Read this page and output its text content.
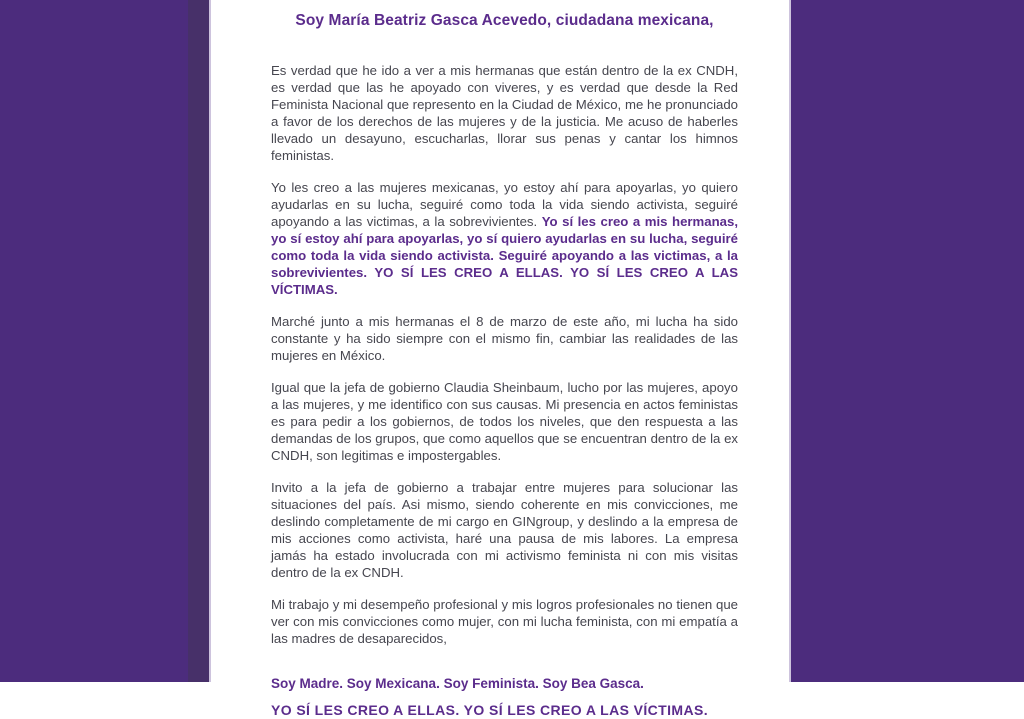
Soy María Beatriz Gasca Acevedo, ciudadana mexicana,

Es verdad que he ido a ver a mis hermanas que están dentro de la ex CNDH, es verdad que las he apoyado con viveres, y es verdad que desde la Red Feminista Nacional que represento en la Ciudad de México, me he pronunciado a favor de los derechos de las mujeres y de la justicia. Me acuso de haberles llevado un desayuno, escucharlas, llorar sus penas y cantar los himnos feministas.

Yo les creo a las mujeres mexicanas, yo estoy ahí para apoyarlas, yo quiero ayudarlas en su lucha, seguiré como toda la vida siendo activista, seguiré apoyando a las victimas, a la sobrevivientes. Yo sí les creo a mis hermanas, yo sí estoy ahí para apoyarlas, yo sí quiero ayudarlas en su lucha, seguiré como toda la vida siendo activista. Seguiré apoyando a las victimas, a la sobrevivientes. YO SÍ LES CREO A ELLAS. YO SÍ LES CREO A LAS VÍCTIMAS.

Marché junto a mis hermanas el 8 de marzo de este año, mi lucha ha sido constante y ha sido siempre con el mismo fin, cambiar las realidades de las mujeres en México.

Igual que la jefa de gobierno Claudia Sheinbaum, lucho por las mujeres, apoyo a las mujeres, y me identifico con sus causas. Mi presencia en actos feministas es para pedir a los gobiernos, de todos los niveles, que den respuesta a las demandas de los grupos, que como aquellos que se encuentran dentro de la ex CNDH, son legitimas e impostergables.

Invito a la jefa de gobierno a trabajar entre mujeres para solucionar las situaciones del país. Asi mismo, siendo coherente en mis convicciones, me deslindo completamente de mi cargo en GINgroup, y deslindo a la empresa de mis acciones como activista, haré una pausa de mis labores. La empresa jamás ha estado involucrada con mi activismo feminista ni con mis visitas dentro de la ex CNDH.

Mi trabajo y mi desempeño profesional y mis logros profesionales no tienen que ver con mis convicciones como mujer, con mi lucha feminista, con mi empatía a las madres de desaparecidos,

Soy Madre. Soy Mexicana. Soy Feminista. Soy Bea Gasca.

YO SÍ LES CREO A ELLAS. YO SÍ LES CREO A LAS VÍCTIMAS.
